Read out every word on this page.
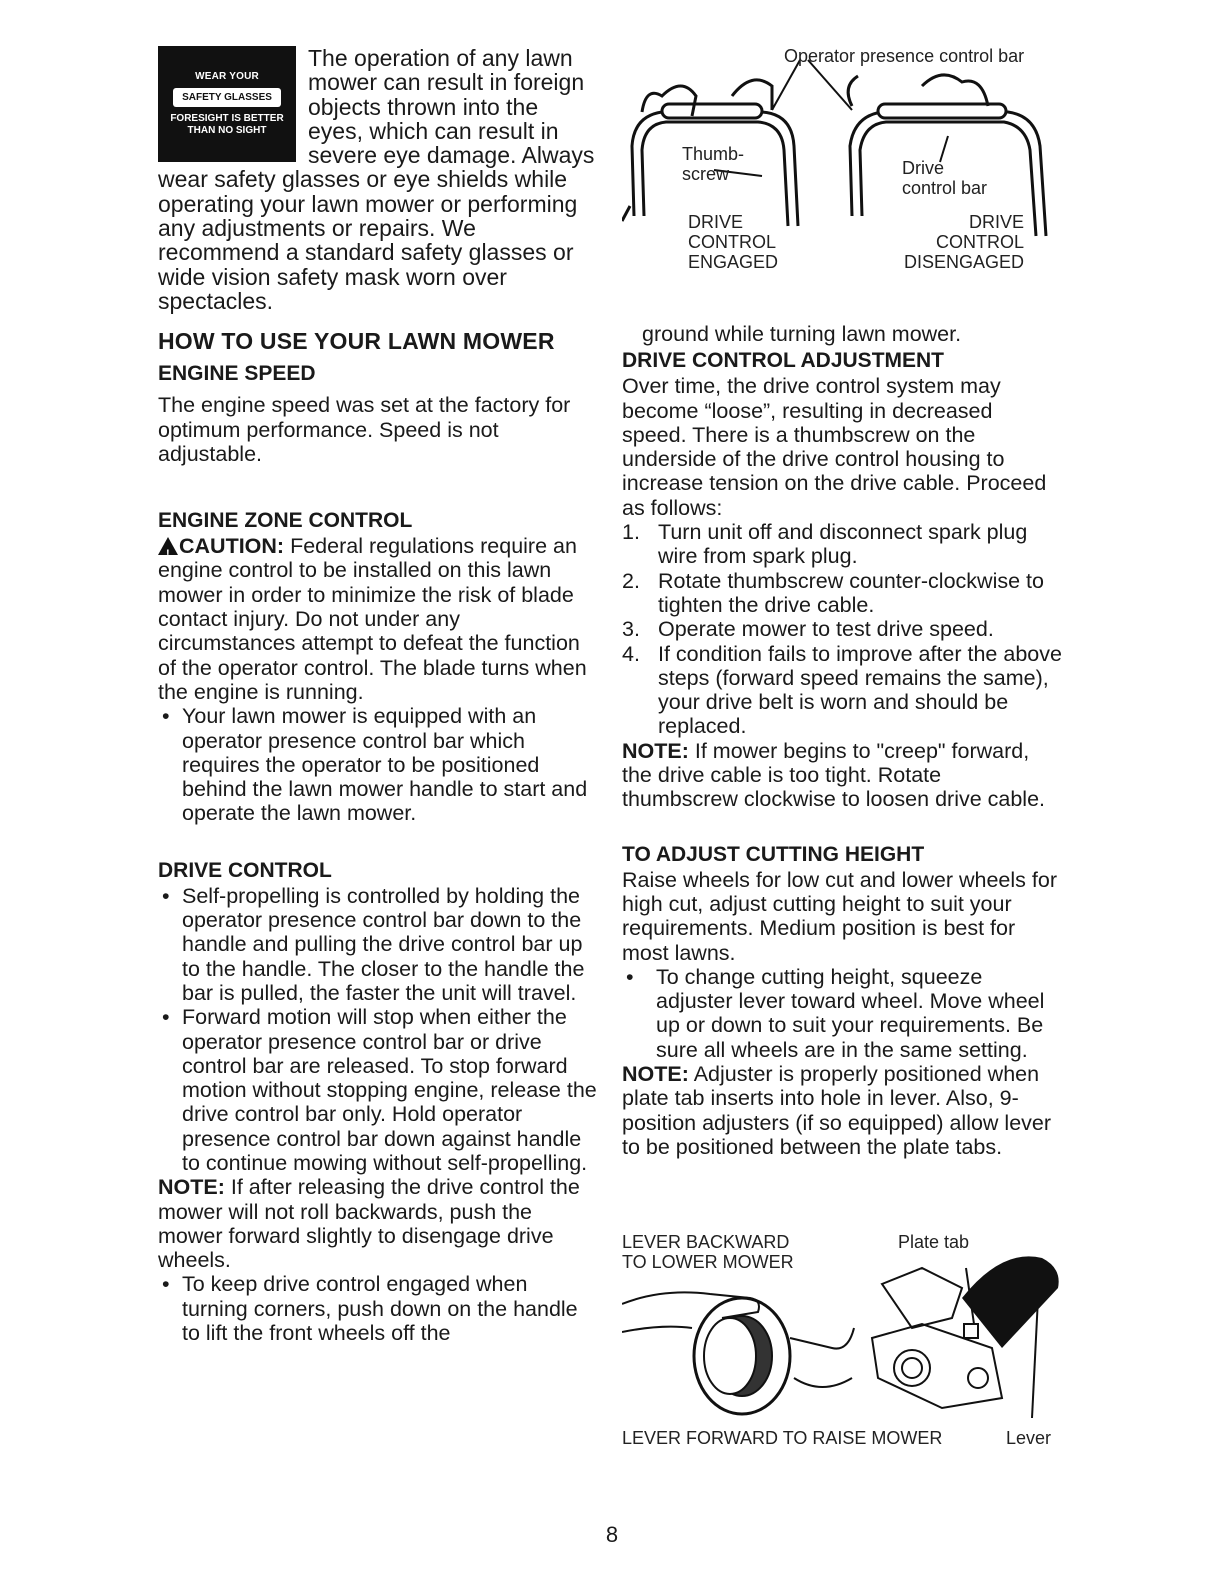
WEAR YOUR
SAFETY GLASSES
FORESIGHT IS BETTER THAN NO SIGHT

The operation of any lawn mower can result in foreign objects thrown into the eyes, which can result in severe eye damage. Always wear safety glasses or eye shields while operating your lawn mower or performing any adjustments or repairs. We recommend a standard safety glasses or wide vision safety mask worn over spectacles.

HOW TO USE YOUR LAWN MOWER
ENGINE SPEED

The engine speed was set at the factory for optimum performance. Speed is not adjustable.

ENGINE ZONE CONTROL

! CAUTION: Federal regulations require an engine control to be installed on this lawn mower in order to minimize the risk of blade contact injury. Do not under any circumstances attempt to defeat the function of the operator control. The blade turns when the engine is running.

• Your lawn mower is equipped with an operator presence control bar which requires the operator to be positioned behind the lawn mower handle to start and operate the lawn mower.
DRIVE CONTROL
• Self-propelling is controlled by holding the operator presence control bar down to the handle and pulling the drive control bar up to the handle. The closer to the handle the bar is pulled, the faster the unit will travel.
• Forward motion will stop when either the operator presence control bar or drive control bar are released. To stop forward motion without stopping engine, release the drive control bar only. Hold operator presence control bar down against handle to continue mowing without self-propelling.

NOTE: If after releasing the drive control the mower will not roll backwards, push the mower forward slightly to disengage drive wheels.

• To keep drive control engaged when turning corners, push down on the handle to lift the front wheels off the
Operator presence control bar
Thumb-
screw	Drive
control bar
DRIVE
CONTROL
ENGAGED
DRIVE
CONTROL
DISENGAGED

ground while turning lawn mower.

DRIVE CONTROL ADJUSTMENT

Over time, the drive control system may become “loose”, resulting in decreased speed. There is a thumbscrew on the underside of the drive control housing to increase tension on the drive cable. Proceed as follows:

1. Turn unit off and disconnect spark plug wire from spark plug.
2. Rotate thumbscrew counter-clockwise to tighten the drive cable.
3. Operate mower to test drive speed.
4. If condition fails to improve after the above steps (forward speed remains the same), your drive belt is worn and should be replaced.

NOTE: If mower begins to "creep" forward, the drive cable is too tight. Rotate thumbscrew clockwise to loosen drive cable.

TO ADJUST CUTTING HEIGHT

Raise wheels for low cut and lower wheels for high cut, adjust cutting height to suit your requirements. Medium position is best for most lawns.

• To change cutting height, squeeze adjuster lever toward wheel. Move wheel up or down to suit your requirements. Be sure all wheels are in the same setting.

NOTE: Adjuster is properly positioned when plate tab inserts into hole in lever. Also, 9-position adjusters (if so equipped) allow lever to be positioned between the plate tabs.

LEVER BACKWARD
TO LOWER MOWER
Plate tab
LEVER FORWARD TO RAISE MOWER	Lever
8
